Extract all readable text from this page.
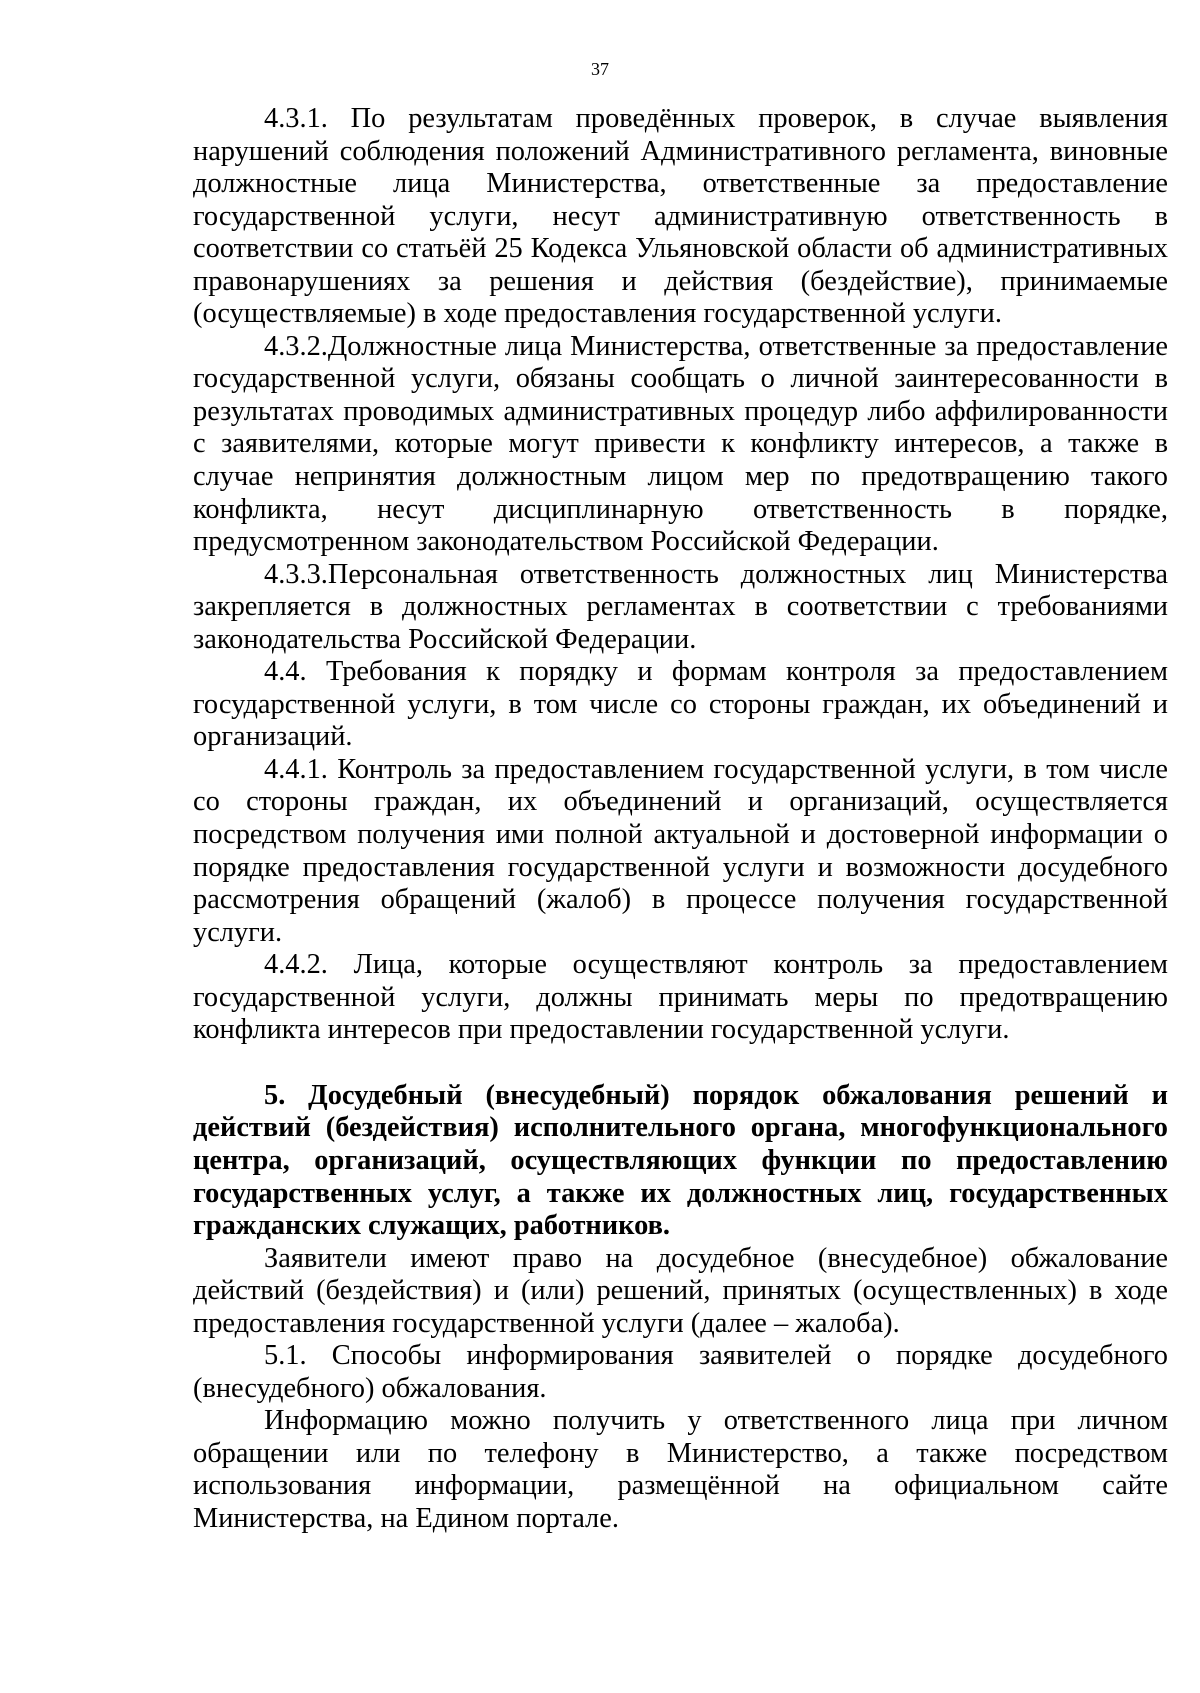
37

4.3.1. По результатам проведённых проверок, в случае выявления нарушений соблюдения положений Административного регламента, виновные должностные лица Министерства, ответственные за предоставление государственной услуги, несут административную ответственность в соответствии со статьёй 25 Кодекса Ульяновской области об административных правонарушениях за решения и действия (бездействие), принимаемые (осуществляемые) в ходе предоставления государственной услуги.

4.3.2.Должностные лица Министерства, ответственные за предоставление государственной услуги, обязаны сообщать о личной заинтересованности в результатах проводимых административных процедур либо аффилированности с заявителями, которые могут привести к конфликту интересов, а также в случае непринятия должностным лицом мер по предотвращению такого конфликта, несут дисциплинарную ответственность в порядке, предусмотренном законодательством Российской Федерации.

4.3.3.Персональная ответственность должностных лиц Министерства закрепляется в должностных регламентах в соответствии с требованиями законодательства Российской Федерации.

4.4. Требования к порядку и формам контроля за предоставлением государственной услуги, в том числе со стороны граждан, их объединений и организаций.

4.4.1. Контроль за предоставлением государственной услуги, в том числе со стороны граждан, их объединений и организаций, осуществляется посредством получения ими полной актуальной и достоверной информации о порядке предоставления государственной услуги и возможности досудебного рассмотрения обращений (жалоб) в процессе получения государственной услуги.

4.4.2. Лица, которые осуществляют контроль за предоставлением государственной услуги, должны принимать меры по предотвращению конфликта интересов при предоставлении государственной услуги.

5. Досудебный (внесудебный) порядок обжалования решений и действий (бездействия) исполнительного органа, многофункционального центра, организаций, осуществляющих функции по предоставлению государственных услуг, а также их должностных лиц, государственных гражданских служащих, работников.

Заявители имеют право на досудебное (внесудебное) обжалование действий (бездействия) и (или) решений, принятых (осуществленных) в ходе предоставления государственной услуги (далее – жалоба).

5.1. Способы информирования заявителей о порядке досудебного (внесудебного) обжалования.

Информацию можно получить у ответственного лица при личном обращении или по телефону в Министерство, а также посредством использования информации, размещённой на официальном сайте Министерства, на Едином портале.
